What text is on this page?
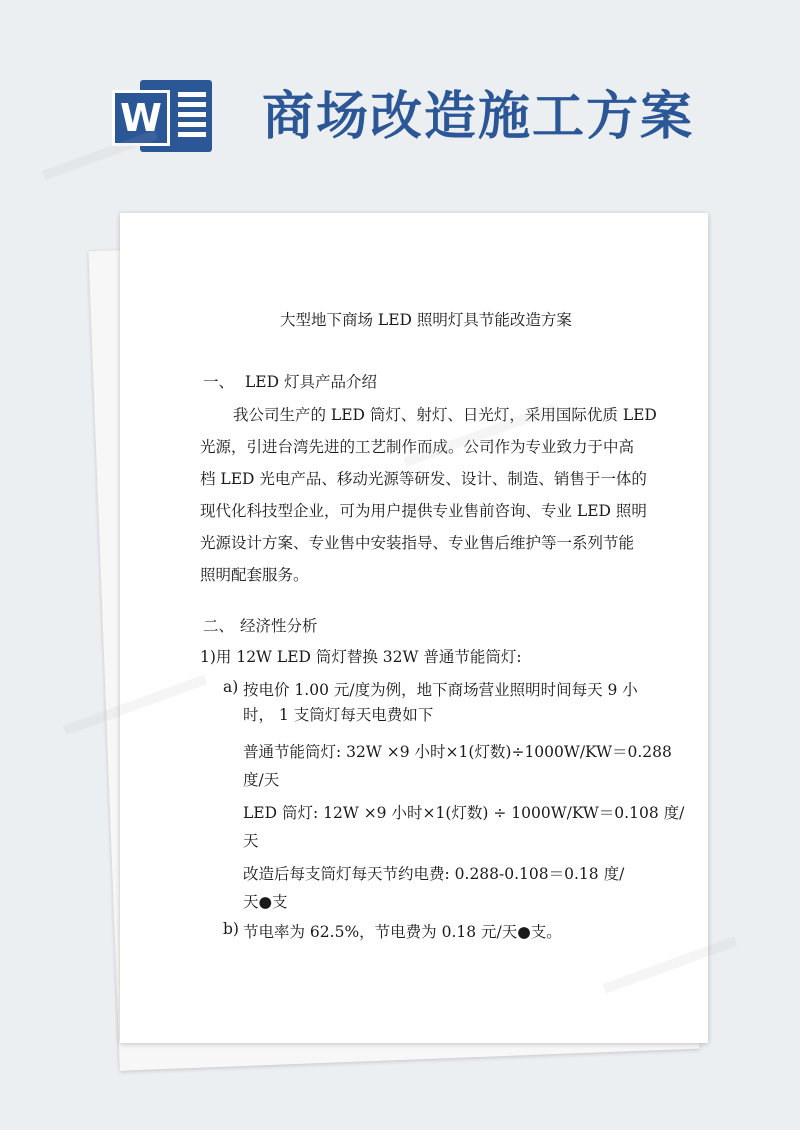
W 商场改造施工方案
大型地下商场 LED 照明灯具节能改造方案
一、 LED 灯具产品介绍
我公司生产的 LED 筒灯、射灯、日光灯，采用国际优质 LED
光源，引进台湾先进的工艺制作而成。公司作为专业致力于中高
档 LED 光电产品、移动光源等研发、设计、制造、销售于一体的
现代化科技型企业，可为用户提供专业售前咨询、专业 LED 照明
光源设计方案、专业售中安装指导、专业售后维护等一系列节能
照明配套服务。
二、 经济性分析
1)用 12W LED 筒灯替换 32W 普通节能筒灯:
a) 按电价 1.00 元/度为例，地下商场营业照明时间每天 9 小
时， 1 支筒灯每天电费如下
普通节能筒灯: 32W ×9 小时×1(灯数)÷1000W/KW＝0.288
度/天
LED 筒灯: 12W ×9 小时×1(灯数) ÷ 1000W/KW＝0.108 度/
天
改造后每支筒灯每天节约电费: 0.288-0.108＝0.18 度/
天●支
b) 节电率为 62.5%，节电费为 0.18 元/天●支。
